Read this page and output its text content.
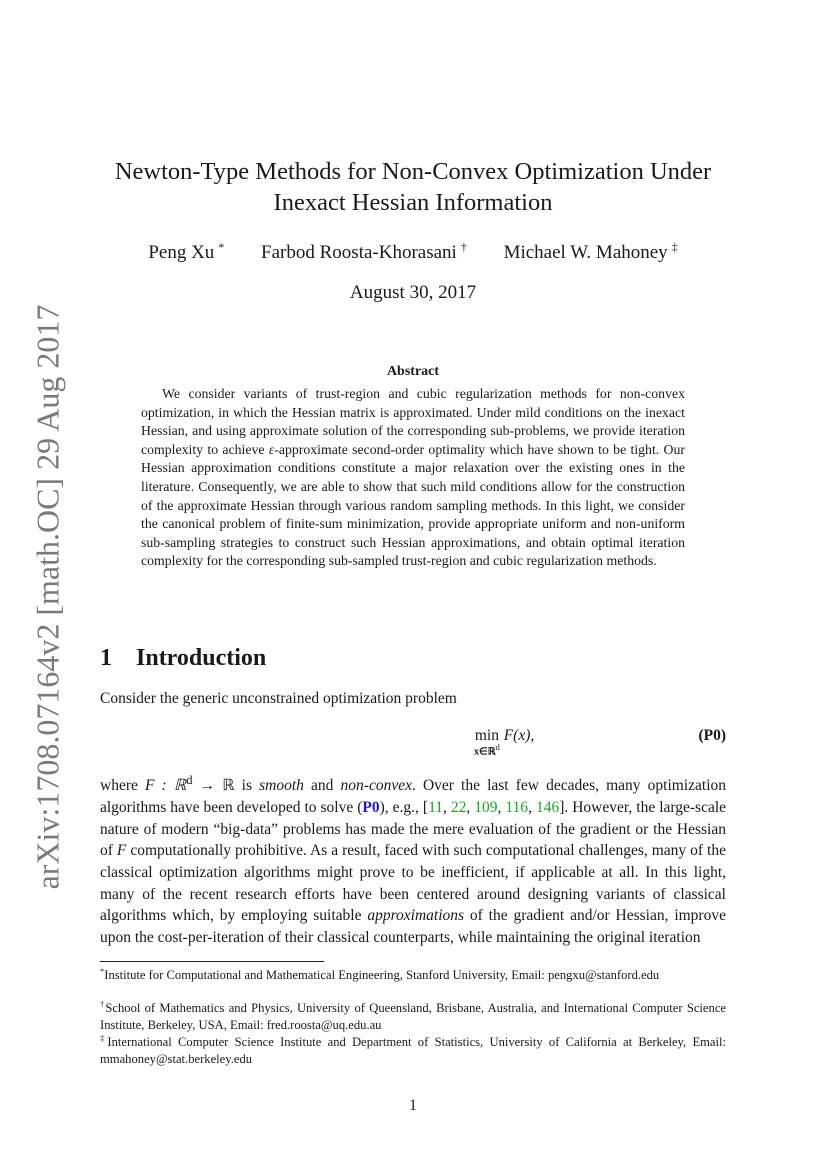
arXiv:1708.07164v2 [math.OC] 29 Aug 2017
Newton-Type Methods for Non-Convex Optimization Under
Inexact Hessian Information
Peng Xu * Farbod Roosta-Khorasani † Michael W. Mahoney ‡
August 30, 2017
Abstract

We consider variants of trust-region and cubic regularization methods for non-convex optimization, in which the Hessian matrix is approximated. Under mild conditions on the inexact Hessian, and using approximate solution of the corresponding sub-problems, we provide iteration complexity to achieve ε-approximate second-order optimality which have shown to be tight. Our Hessian approximation conditions constitute a major relaxation over the existing ones in the literature. Consequently, we are able to show that such mild conditions allow for the construction of the approximate Hessian through various random sampling methods. In this light, we consider the canonical problem of finite-sum minimization, provide appropriate uniform and non-uniform sub-sampling strategies to construct such Hessian approximations, and obtain optimal iteration complexity for the corresponding sub-sampled trust-region and cubic regularization methods.

1 Introduction
Consider the generic unconstrained optimization problem
min
x∈ℝ$^d$
F(x),	(P0)

where F : ℝ$^d$ → ℝ is smooth and non-convex. Over the last few decades, many optimization algorithms have been developed to solve (P0), e.g., [11, 22, 109, 116, 146]. However, the large-scale nature of modern “big-data” problems has made the mere evaluation of the gradient or the Hessian of F computationally prohibitive. As a result, faced with such computational challenges, many of the classical optimization algorithms might prove to be inefficient, if applicable at all. In this light, many of the recent research efforts have been centered around designing variants of classical algorithms which, by employing suitable approximations of the gradient and/or Hessian, improve upon the cost-per-iteration of their classical counterparts, while maintaining the original iteration

*Institute for Computational and Mathematical Engineering, Stanford University, Email: pengxu@stanford.edu

†School of Mathematics and Physics, University of Queensland, Brisbane, Australia, and International Computer Science Institute, Berkeley, USA, Email: fred.roosta@uq.edu.au

‡International Computer Science Institute and Department of Statistics, University of California at Berkeley, Email: mmahoney@stat.berkeley.edu

1
